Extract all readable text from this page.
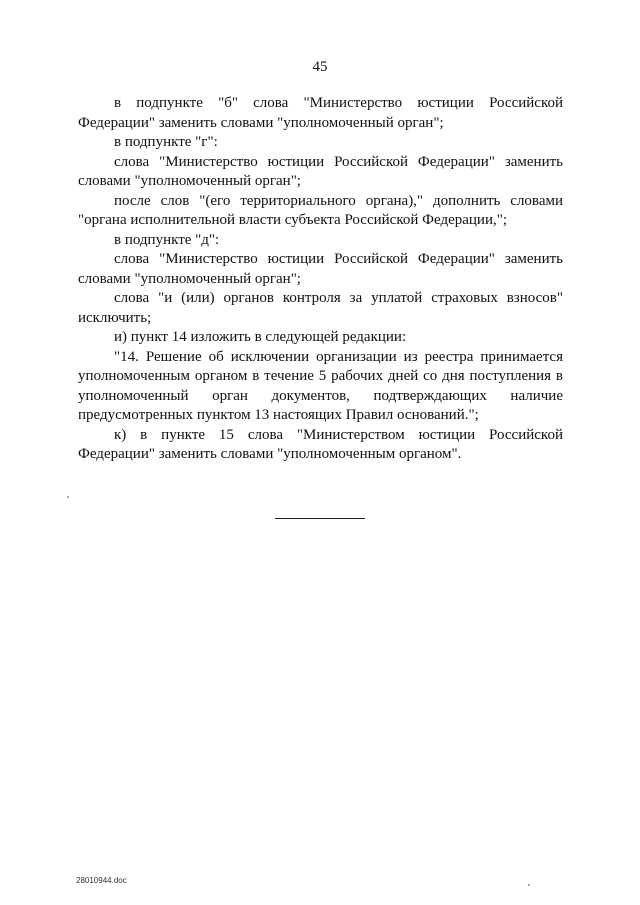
45

в подпункте "б" слова "Министерство юстиции Российской Федерации" заменить словами "уполномоченный орган";

в подпункте "г":

слова "Министерство юстиции Российской Федерации" заменить словами "уполномоченный орган";

после слов "(его территориального органа)," дополнить словами "органа исполнительной власти субъекта Российской Федерации,";

в подпункте "д":

слова "Министерство юстиции Российской Федерации" заменить словами "уполномоченный орган";

слова "и (или) органов контроля за уплатой страховых взносов" исключить;

и) пункт 14 изложить в следующей редакции:

"14. Решение об исключении организации из реестра принимается уполномоченным органом в течение 5 рабочих дней со дня поступления в уполномоченный орган документов, подтверждающих наличие

предусмотренных пунктом 13 настоящих Правил оснований.";

к) в пункте 15 слова "Министерством юстиции Российской Федерации" заменить словами "уполномоченным органом".

28010944.doc
